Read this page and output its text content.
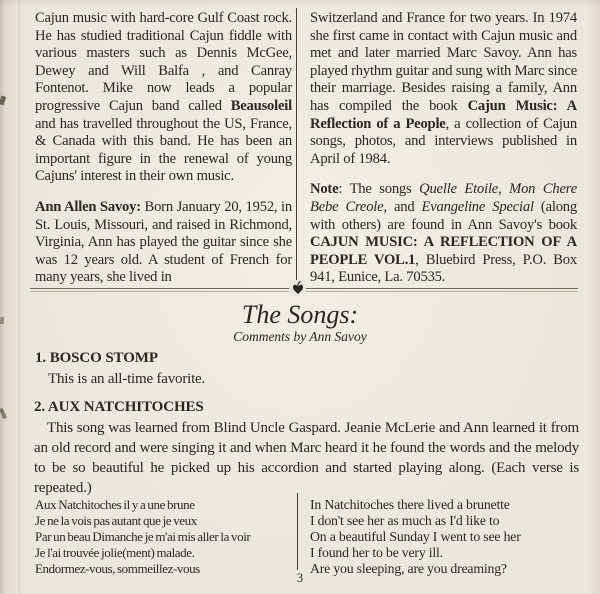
Cajun music with hard-core Gulf Coast rock. He has studied traditional Cajun fiddle with various masters such as Dennis McGee, Dewey and Will Balfa , and Canray Fontenot. Mike now leads a popular progressive Cajun band called Beausoleil and has travelled throughout the US, France, & Canada with this band. He has been an important figure in the renewal of young Cajuns' interest in their own music.

Ann Allen Savoy: Born January 20, 1952, in St. Louis, Missouri, and raised in Richmond, Virginia, Ann has played the guitar since she was 12 years old. A student of French for many years, she lived in

Switzerland and France for two years. In 1974 she first came in contact with Cajun music and met and later married Marc Savoy. Ann has played rhythm guitar and sung with Marc since their marriage. Besides raising a family, Ann has compiled the book Cajun Music: A Reflection of a People, a collection of Cajun songs, photos, and interviews published in April of 1984.

Note: The songs Quelle Etoile, Mon Chere Bebe Creole, and Evangeline Special (along with others) are found in Ann Savoy's book CAJUN MUSIC: A REFLECTION OF A PEOPLE VOL.1, Bluebird Press, P.O. Box 941, Eunice, La. 70535.

The Songs:
Comments by Ann Savoy
1. BOSCO STOMP

This is an all-time favorite.

2. AUX NATCHITOCHES

This song was learned from Blind Uncle Gaspard. Jeanie McLerie and Ann learned it from an old record and were singing it and when Marc heard it he found the words and the melody to be so beautiful he picked up his accordion and started playing along. (Each verse is repeated.)

Aux Natchitoches il y a une brune
Je ne la vois pas autant que je veux
Par un beau Dimanche je m'ai mis aller la voir
Je l'ai trouvée jolie(ment) malade.
Endormez-vous, sommeillez-vous
In Natchitoches there lived a brunette
I don't see her as much as I'd like to
On a beautiful Sunday I went to see her
I found her to be very ill.
Are you sleeping, are you dreaming?
3
